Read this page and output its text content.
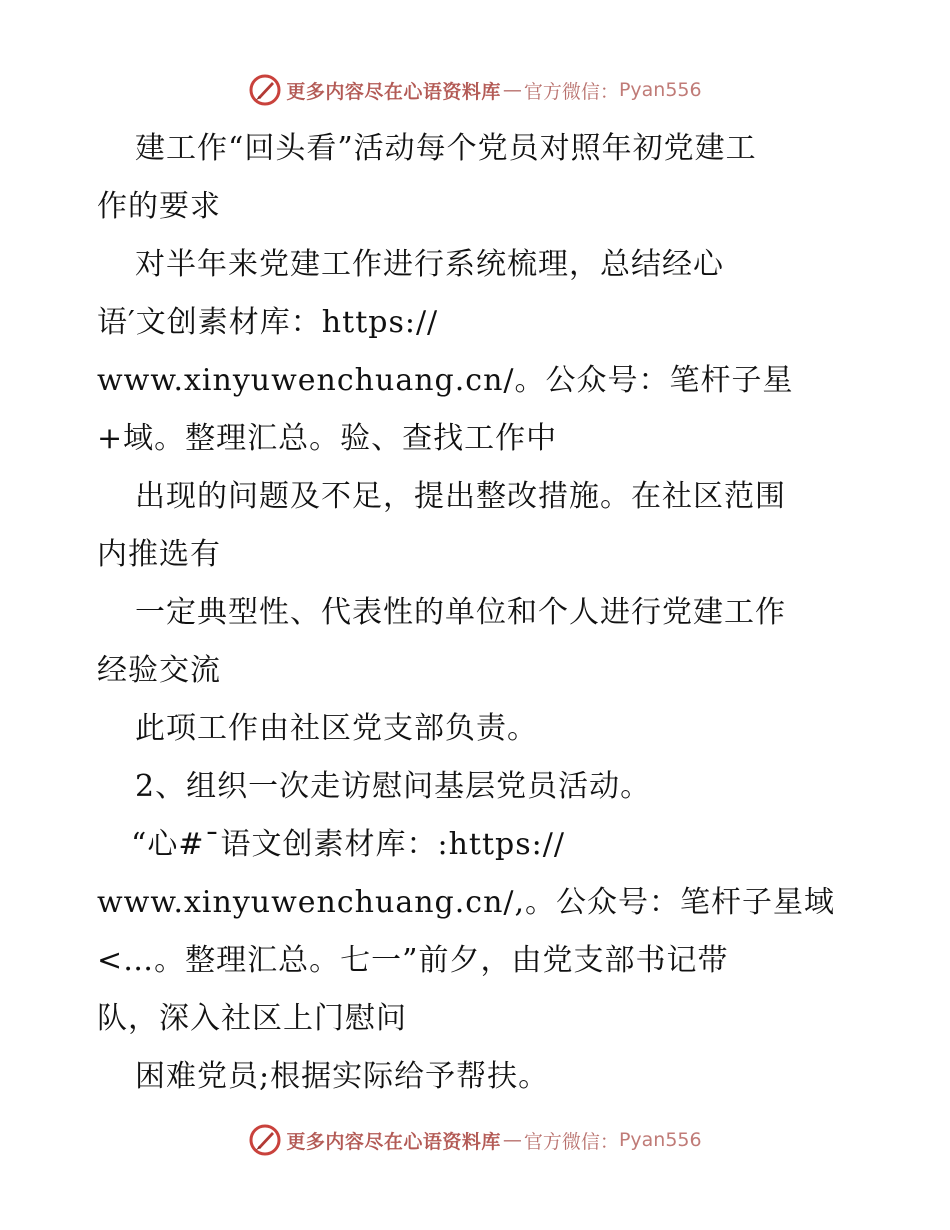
更多内容尽在心语资料库 — 官方微信： Pyan556
建工作“回头看”活动每个党员对照年初党建工
作的要求
对半年来党建工作进行系统梳理，总结经心
语′文创素材库：https://
www.xinyuwenchuang.cn/。公众号：笔杆子星
+域。整理汇总。验、查找工作中
出现的问题及不足，提出整改措施。在社区范围
内推选有
一定典型性、代表性的单位和个人进行党建工作
经验交流
此项工作由社区党支部负责。
2、组织一次走访慰问基层党员活动。
“心#¯语文创素材库：:https://
www.xinyuwenchuang.cn/,。公众号：笔杆子星域
<…。整理汇总。七一”前夕，由党支部书记带
队，深入社区上门慰问
困难党员;根据实际给予帮扶。
更多内容尽在心语资料库 — 官方微信： Pyan556
